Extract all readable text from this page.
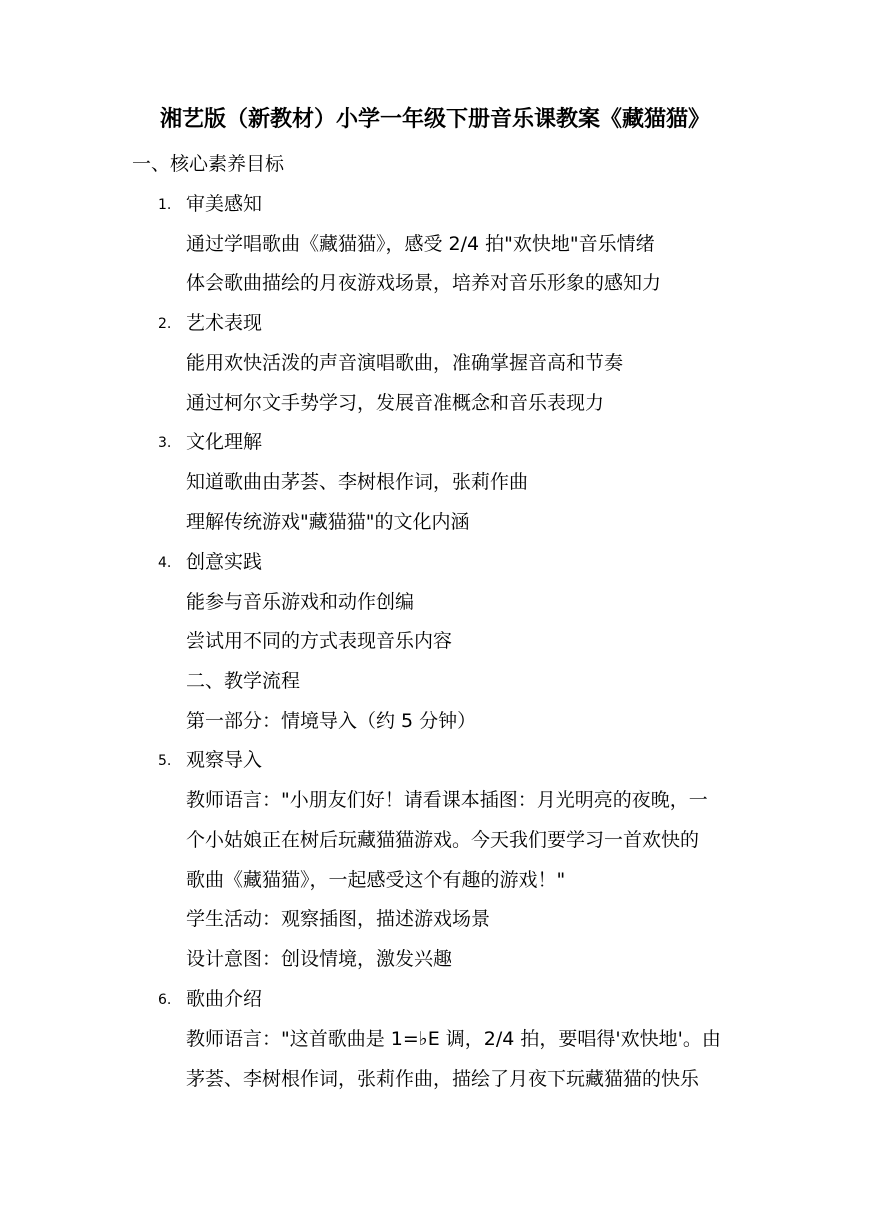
湘艺版（新教材）小学一年级下册音乐课教案《藏猫猫》
一、核心素养目标
1. 审美感知
通过学唱歌曲《藏猫猫》，感受 2/4 拍"欢快地"音乐情绪
体会歌曲描绘的月夜游戏场景，培养对音乐形象的感知力
2. 艺术表现
能用欢快活泼的声音演唱歌曲，准确掌握音高和节奏
通过柯尔文手势学习，发展音准概念和音乐表现力
3. 文化理解
知道歌曲由茅荟、李树根作词，张莉作曲
理解传统游戏"藏猫猫"的文化内涵
4. 创意实践
能参与音乐游戏和动作创编
尝试用不同的方式表现音乐内容
二、教学流程
第一部分：情境导入（约 5 分钟）
5. 观察导入
教师语言："小朋友们好！请看课本插图：月光明亮的夜晚，一
个小姑娘正在树后玩藏猫猫游戏。今天我们要学习一首欢快的
歌曲《藏猫猫》，一起感受这个有趣的游戏！"
学生活动：观察插图，描述游戏场景
设计意图：创设情境，激发兴趣
6. 歌曲介绍
教师语言："这首歌曲是 1=♭E 调，2/4 拍，要唱得'欢快地'。由
茅荟、李树根作词，张莉作曲，描绘了月夜下玩藏猫猫的快乐
